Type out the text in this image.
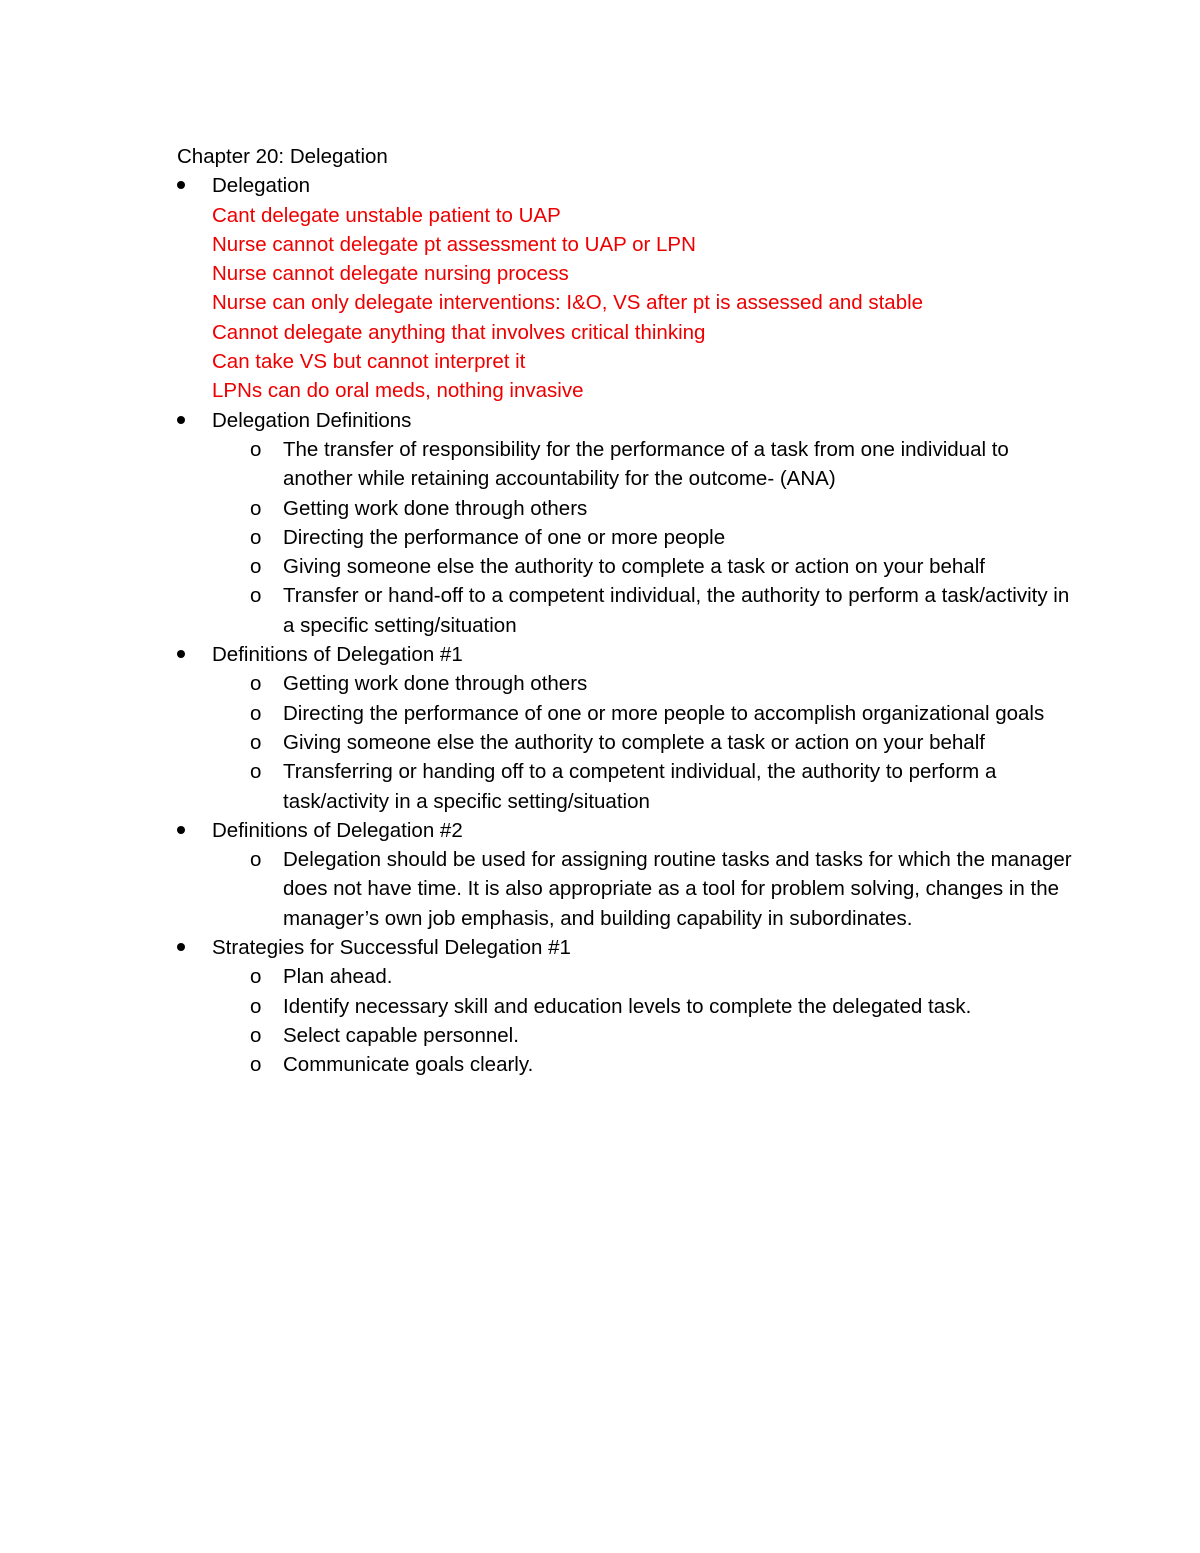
Chapter 20: Delegation
Delegation
Cant delegate unstable patient to UAP
Nurse cannot delegate pt assessment to UAP or LPN
Nurse cannot delegate nursing process
Nurse can only delegate interventions: I&O, VS after pt is assessed and stable
Cannot delegate anything that involves critical thinking
Can take VS but cannot interpret it
LPNs can do oral meds, nothing invasive
Delegation Definitions
o The transfer of responsibility for the performance of a task from one individual to another while retaining accountability for the outcome- (ANA)
o Getting work done through others
o Directing the performance of one or more people
o Giving someone else the authority to complete a task or action on your behalf
o Transfer or hand-off to a competent individual, the authority to perform a task/activity in a specific setting/situation
Definitions of Delegation #1
o Getting work done through others
o Directing the performance of one or more people to accomplish organizational goals
o Giving someone else the authority to complete a task or action on your behalf
o Transferring or handing off to a competent individual, the authority to perform a task/activity in a specific setting/situation
Definitions of Delegation #2
o Delegation should be used for assigning routine tasks and tasks for which the manager does not have time. It is also appropriate as a tool for problem solving, changes in the manager’s own job emphasis, and building capability in subordinates.
Strategies for Successful Delegation #1
o Plan ahead.
o Identify necessary skill and education levels to complete the delegated task.
o Select capable personnel.
o Communicate goals clearly.
